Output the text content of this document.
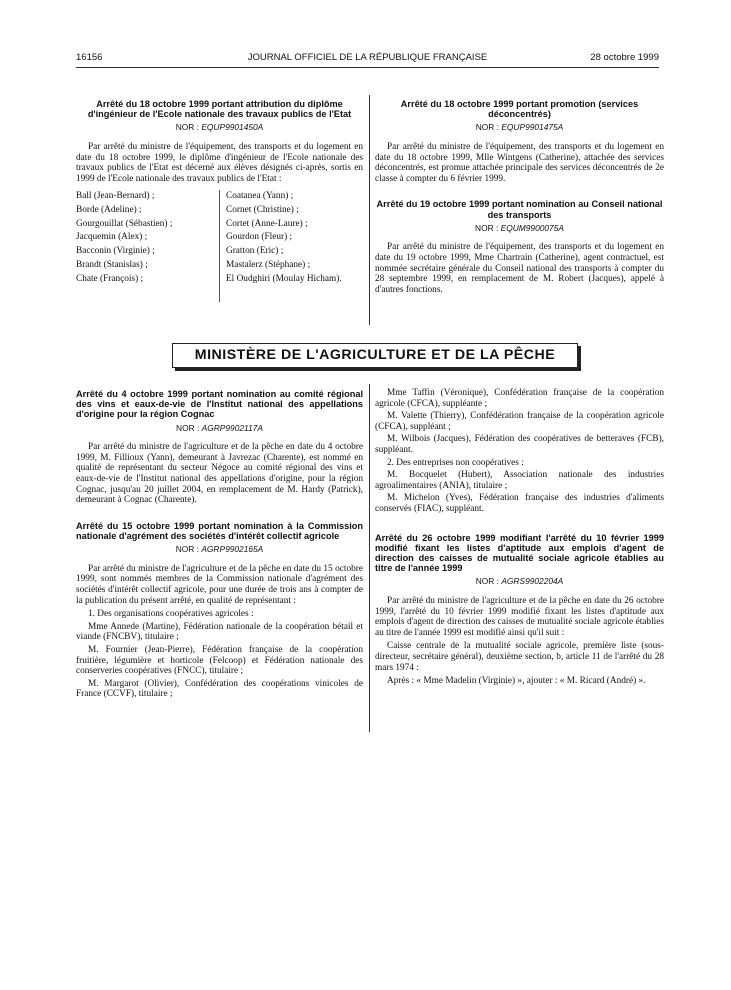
16156	JOURNAL OFFICIEL DE LA RÉPUBLIQUE FRANÇAISE	28 octobre 1999
Arrêté du 18 octobre 1999 portant attribution du diplôme d'ingénieur de l'Ecole nationale des travaux publics de l'Etat
NOR : EQUP9901450A

Par arrêté du ministre de l'équipement, des transports et du logement en date du 18 octobre 1999, le diplôme d'ingénieur de l'Ecole nationale des travaux publics de l'Etat est décerné aux élèves désignés ci-après, sortis en 1999 de l'Ecole nationale des travaux publics de l'Etat :

Ball (Jean-Bernard) ;
Borde (Adeline) ;
Gourgouillat (Sébastien) ;
Jacquemin (Alex) ;
Bacconin (Virginie) ;
Brandt (Stanislas) ;
Chate (François) ;
Coatanea (Yann) ;
Cornet (Christine) ;
Cortet (Anne-Laure) ;
Gourdon (Fleur) ;
Gratton (Eric) ;
Mastalerz (Stéphane) ;
El Oudghiri (Moulay Hicham).
Arrêté du 18 octobre 1999 portant promotion (services déconcentrés)
NOR : EQUP9901475A

Par arrêté du ministre de l'équipement, des transports et du logement en date du 18 octobre 1999, Mlle Wintgens (Catherine), attachée des services déconcentrés, est promue attachée principale des services déconcentrés de 2e classe à compter du 6 février 1999.

Arrêté du 19 octobre 1999 portant nomination au Conseil national des transports
NOR : EQUM9900075A

Par arrêté du ministre de l'équipement, des transports et du logement en date du 19 octobre 1999, Mme Chartrain (Catherine), agent contractuel, est nommée secrétaire générale du Conseil national des transports à compter du 28 septembre 1999, en remplacement de M. Robert (Jacques), appelé à d'autres fonctions.

MINISTÈRE DE L'AGRICULTURE ET DE LA PÊCHE
Arrêté du 4 octobre 1999 portant nomination au comité régional des vins et eaux-de-vie de l'Institut national des appellations d'origine pour la région Cognac
NOR : AGRP9902117A

Par arrêté du ministre de l'agriculture et de la pêche en date du 4 octobre 1999, M. Fillioux (Yann), demeurant à Javrezac (Charente), est nommé en qualité de représentant du secteur Négoce au comité régional des vins et eaux-de-vie de l'Institut national des appellations d'origine, pour la région Cognac, jusqu'au 20 juillet 2004, en remplacement de M. Hardy (Patrick), demeurant à Cognac (Charente).

Arrêté du 15 octobre 1999 portant nomination à la Commission nationale d'agrément des sociétés d'intérêt collectif agricole
NOR : AGRP9902165A

Par arrêté du ministre de l'agriculture et de la pêche en date du 15 octobre 1999, sont nommés membres de la Commission nationale d'agrément des sociétés d'intérêt collectif agricole, pour une durée de trois ans à compter de la publication du présent arrêté, en qualité de représentant :

1. Des organisations coopératives agricoles :

Mme Annede (Martine), Fédération nationale de la coopération bétail et viande (FNCBV), titulaire ;

M. Fournier (Jean-Pierre), Fédération française de la coopération fruitière, légumière et horticole (Felcoop) et Fédération nationale des conserveries coopératives (FNCC), titulaire ;

M. Margarot (Olivier), Confédération des coopérations vinicoles de France (CCVF), titulaire ;

Mme Taffin (Véronique), Confédération française de la coopération agricole (CFCA), suppléante ;

M. Valette (Thierry), Confédération française de la coopération agricole (CFCA), suppléant ;

M. Wilbois (Jacques), Fédération des coopératives de betteraves (FCB), suppléant.

2. Des entreprises non coopératives :

M. Bocquelet (Hubert), Association nationale des industries agroalimentaires (ANIA), titulaire ;

M. Michelon (Yves), Fédération française des industries d'aliments conservés (FIAC), suppléant.

Arrêté du 26 octobre 1999 modifiant l'arrêté du 10 février 1999 modifié fixant les listes d'aptitude aux emplois d'agent de direction des caisses de mutualité sociale agricole établies au titre de l'année 1999
NOR : AGRS9902204A

Par arrêté du ministre de l'agriculture et de la pêche en date du 26 octobre 1999, l'arrêté du 10 février 1999 modifié fixant les listes d'aptitude aux emplois d'agent de direction des caisses de mutualité sociale agricole établies au titre de l'année 1999 est modifié ainsi qu'il suit :

Caisse centrale de la mutualité sociale agricole, première liste (sous-directeur, secrétaire général), deuxième section, b, article 11 de l'arrêté du 28 mars 1974 :

Après : « Mme Madelin (Virginie) », ajouter : « M. Ricard (André) ».
